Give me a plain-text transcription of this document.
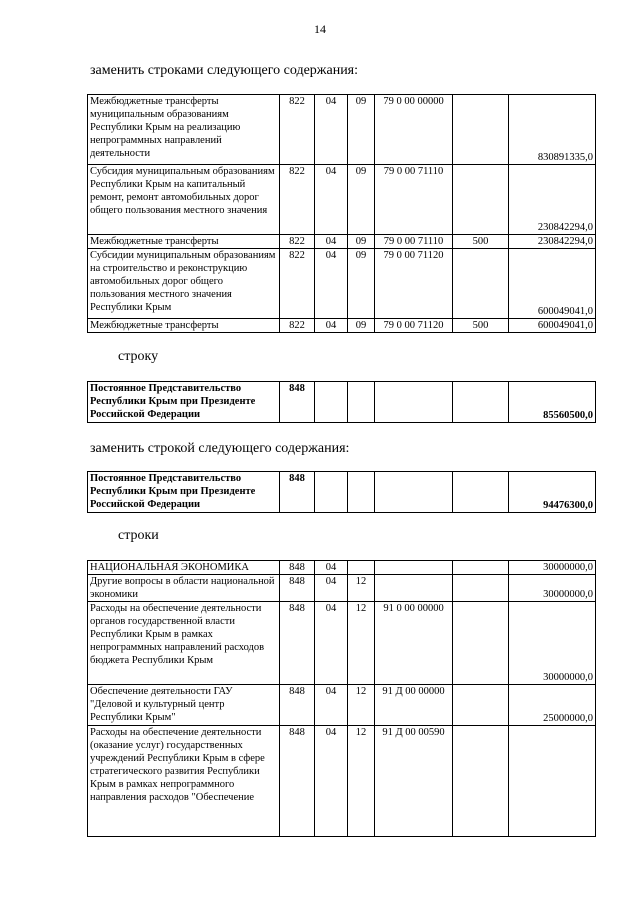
14
заменить строками следующего содержания:
Межбюджетные трансферты муниципальным образованиям Республики Крым на реализацию непрограммных направлений деятельности	822	04	09	79 0 00 00000		830891335,0
Субсидия муниципальным образованиям Республики Крым на капитальный ремонт, ремонт автомобильных дорог общего пользования местного значения	822	04	09	79 0 00 71110		230842294,0
Межбюджетные трансферты	822	04	09	79 0 00 71110	500	230842294,0
Субсидии муниципальным образованиям на строительство и реконструкцию автомобильных дорог общего пользования местного значения Республики Крым	822	04	09	79 0 00 71120		600049041,0
Межбюджетные трансферты	822	04	09	79 0 00 71120	500	600049041,0
строку
Постоянное Представительство Республики Крым при Президенте Российской Федерации	848					85560500,0
заменить строкой следующего содержания:
Постоянное Представительство Республики Крым при Президенте Российской Федерации	848					94476300,0
строки
НАЦИОНАЛЬНАЯ ЭКОНОМИКА	848	04				30000000,0
Другие вопросы в области национальной экономики	848	04	12			30000000,0
Расходы на обеспечение деятельности органов государственной власти Республики Крым в рамках непрограммных направлений расходов бюджета Республики Крым	848	04	12	91 0 00 00000		30000000,0
Обеспечение деятельности ГАУ "Деловой и культурный центр Республики Крым"	848	04	12	91 Д 00 00000		25000000,0
Расходы на обеспечение деятельности (оказание услуг) государственных учреждений Республики Крым в сфере стратегического развития Республики Крым в рамках непрограммного направления расходов "Обеспечение	848	04	12	91 Д 00 00590		
